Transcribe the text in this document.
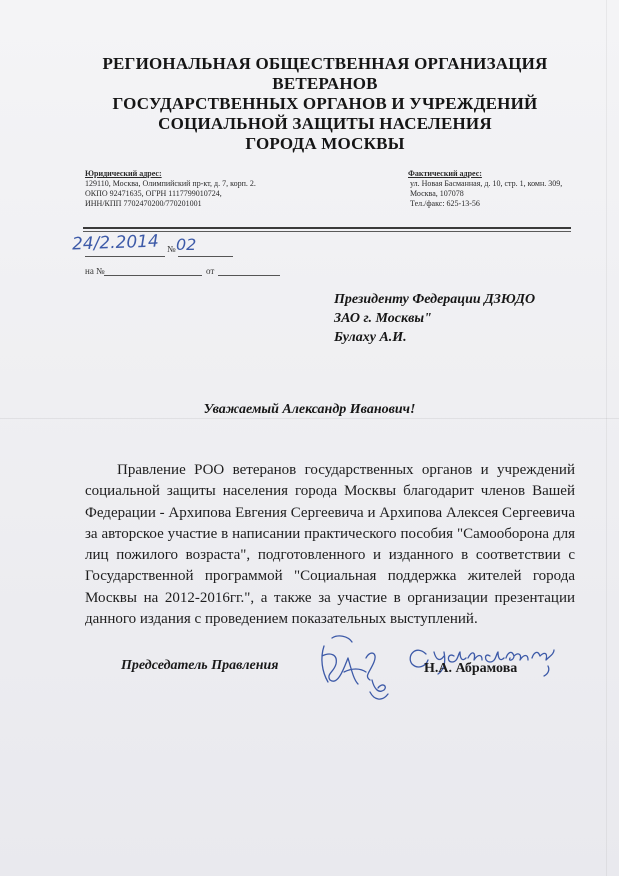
РЕГИОНАЛЬНАЯ ОБЩЕСТВЕННАЯ ОРГАНИЗАЦИЯ
ВЕТЕРАНОВ
ГОСУДАРСТВЕННЫХ ОРГАНОВ И УЧРЕЖДЕНИЙ
СОЦИАЛЬНОЙ ЗАЩИТЫ НАСЕЛЕНИЯ
ГОРОДА МОСКВЫ
Юридический адрес:
129110, Москва, Олимпийский пр-кт, д. 7, корп. 2.
ОКПО 92471635, ОГРН 1117799010724,
ИНН/КПП 7702470200/770201001
Фактический адрес:
ул. Новая Басманная, д. 10, стр. 1, комн. 309,
Москва, 107078
Тел./факс: 625-13-56
24/2.2014 № 02
на №	от
Президенту Федерации ДЗЮДО
ЗАО г. Москвы"
Булаху А.И.
Уважаемый Александр Иванович!
Правление РОО ветеранов государственных органов и учреждений
социальной защиты населения города Москвы благодарит членов Вашей
Федерации - Архипова Евгения Сергеевича и Архипова Алексея Сергеевича
за авторское участие в написании практического пособия "Самооборона для
лиц пожилого возраста", подготовленного и изданного в соответствии с
Государственной программой "Социальная поддержка жителей города
Москвы на 2012-2016гг.", а также за участие в организации презентации
данного издания с проведением показательных выступлений.
Председатель Правления	Н.А. Абрамова
